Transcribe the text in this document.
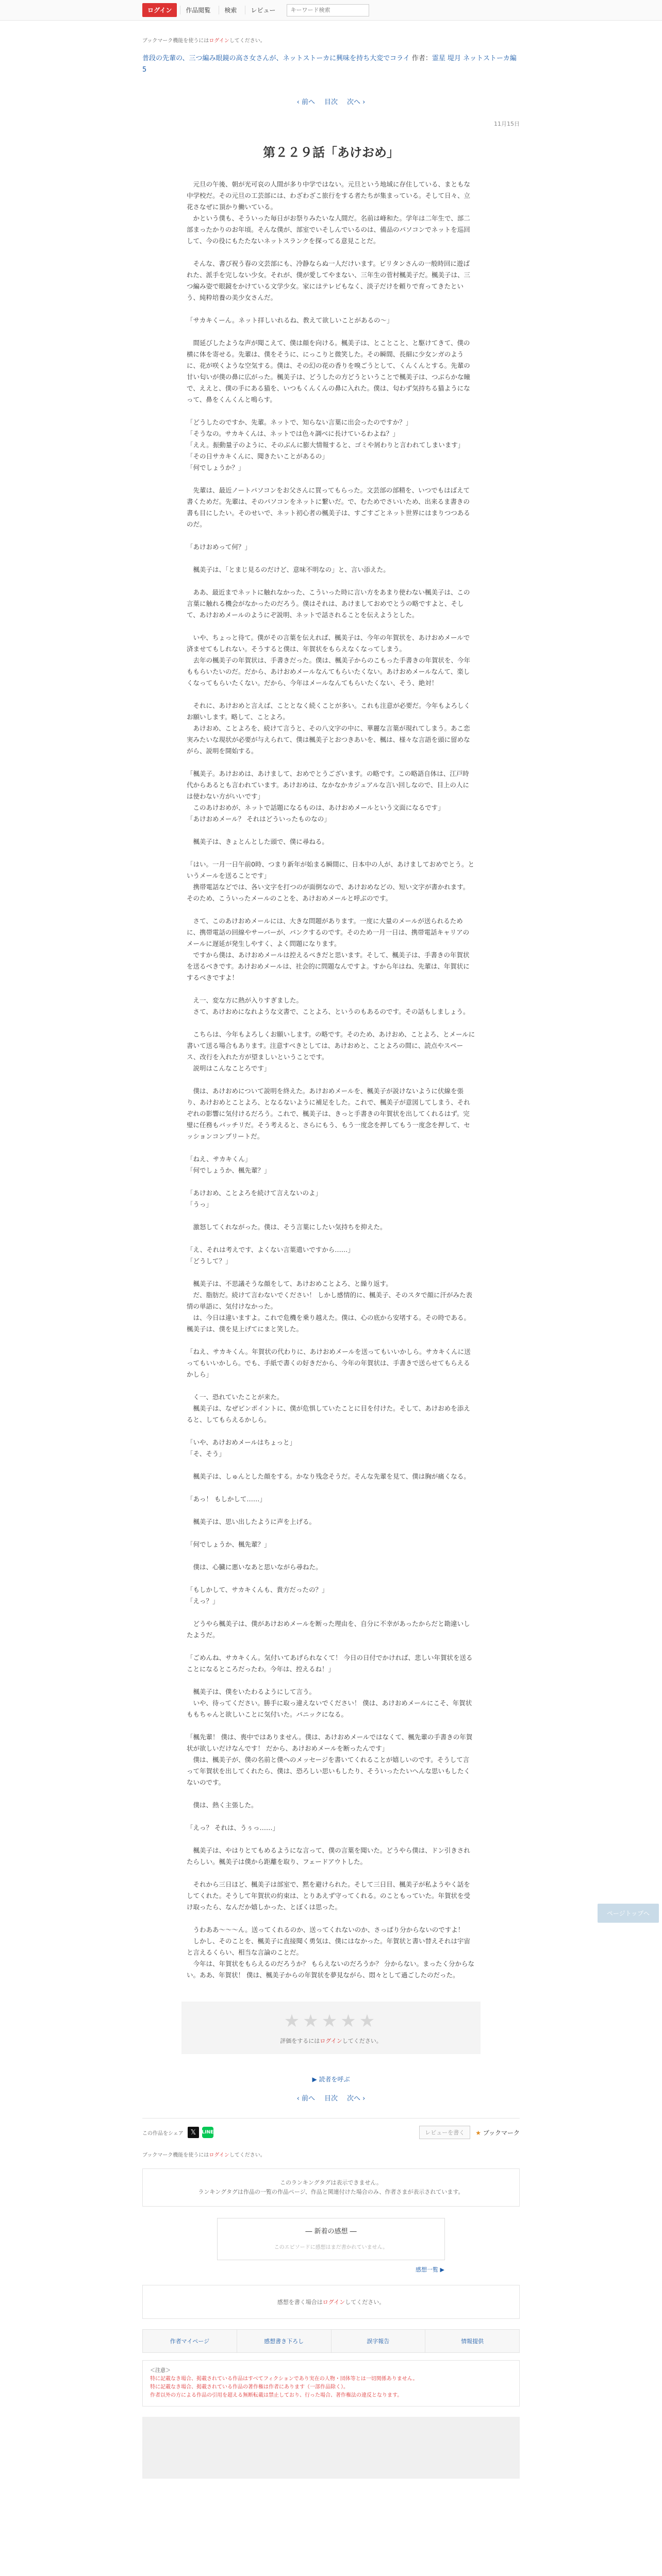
ログイン	作品閲覧	検索	レビュー
キーワード検索
ブックマーク機能を使うにはログインしてください。
普段の先輩の、三つ編み眼鏡の高さ女さんが、ネットストーカに興味を持ち大変でコライ 作者：霊星 堤月 ネットストーカ編 5
‹ 前へ 目次 次へ ›
11月15日
第２２９話「あけおめ」

　元旦の午後、朝が光可哀の人間が多り中学ではない。元旦という地域に存住している、まともな中学校だ。その元旦の工芸部には、わざわざこ旅行をする者たちが集まっている。そして日々、立花さなぜに頂かり働いている。

　かという僕も、そういった毎日がお祭りみたいな人間だ。名前は峰和た。学年は二年生で、部二部まったかりのお年頃。そんな僕が、部室でいそしんでいるのは、備品のパソコンでネットを巡回して、今の役にもたたないネットスランクを探ってる意見ことだ。

　そんな、書び祝う春の文芸部にも、冷静ならぬ一人だけいます。ピリタンさんの一般時回に遊ばれた、派手を完しない少女。それが、僕が愛してやまない、三年生の菅村楓美子だ。楓美子は、三つ編み姿で眼鏡をかけている文学少女。家にはテレビもなく、淡子だけを頼りで育ってきたという、純粋培養の美少女さんだ。

「サカキくーん。ネット拝しいれるね、教えて欲しいことがあるの～」

　間延びしたような声が聞こえて、僕は顔を向ける。楓美子は、とことこと、と駆けてきて、僕の横に体を寄せる。先輩は、僕をそうに、にっこりと微笑した。その瞬間、長細に少女ンガのように、花が咲くような空気する。僕は、その幻の花の香りを嗅ごうとして、くんくんとする。先輩の甘い匂いが僕の鼻に広がった。楓美子は、どうしたの方どうということで楓美子は、つぶらかな瞳で、ええと、僕の手にある猫を、いつもくんくんの鼻に入れた。僕は、匂わず気持ちる猫ようになって、鼻をくんくんと鳴らす。

「どうしたのですか、先輩。ネットで、知らない言葉に出会ったのですか？」

「そうなの。サカキくんは、ネットでは色々調べに長けているわよね？」

「ええ。振動量子のように、そのぶんに膨大情報すると、ゴミや屑わりと言われてしまいます」

「その日サカキくんに、聞きたいことがあるの」

「何でしょうか？」

　先輩は、最近ノートパソコンをお父さんに買ってもらった。文芸部の部精を、いつでもはばえて書くためだ。先輩は、そのパソコンをネットに繋いだ。で、むためでさいいため、出来るま書きの書も目にしたい。そのせいで、ネット初心者の楓美子は、すごすごとネット世界にはまりつつあるのだ。

「あけおめって何？」

　楓美子は、「とまじ見るのだけど、意味不明なの」と、言い添えた。

　ああ、最近までネットに触れなかった、こういった時に言い方をあまり使わない楓美子は、この言葉に触れる機会がなかったのだろう。僕はそれは、あけましておめでとうの略ですよと、そして、あけおめメールのようにぞ説明、ネットで話されることを伝えようとした。

　いや、ちょっと待て。僕がその言葉を伝えれば、楓美子は、今年の年賀状を、あけおめメールで済ませてもしれない。そうすると僕は、年賀状をもらえなくなってしまう。

　去年の楓美子の年賀状は、手書きだった。僕は、楓美子からのこもった手書きの年賀状を、今年ももらいたいのだ。だから、あけおめメールなんてもらいたくない。あけおめメールなんて、楽しくなってもらいたくない。だから、今年はメールなんてもらいたくない、そう、絶対！

　それに、あけおめと言えば、こととなく続くことが多い。これも注意が必要だ。今年もよろしくお願いします。略して、ことよろ。

　あけおめ、ことよろを、続けて言うと、その八文字の中に、華麗な言葉が現れてしまう。あこ恋実みたいな現状が必要が与えられて、僕は楓美子とおつきあいを、楓は、様々な言語を頭に留めながら、説明を開始する。

「楓美子。あけおめは、あけまして、おめでとうございます。の略です。この略語自体は、江戸時代からあるとも言われています。あけおめは、なかなかカジュアルな言い回しなので、目上の人には使わない方がいいです」

　このあけおめが、ネットで話題になるものは、あけおめメールという文面になるです」

「あけおめメール？ それはどういったものなの」

　楓美子は、きょとんとした頭で、僕に尋ねる。

「はい。一月一日午前0時、つまり新年が始まる瞬間に、日本中の人が、あけましておめでとう。というメールを送ることです」

　携帯電話などでは、各い文字を打つのが面倒なので、あけおめなどの、短い文字が書かれます。そのため、こういったメールのことを、あけおめメールと呼ぶのです。

　さて、このあけおめメールには、大きな問題があります。一度に大量のメールが送られるために、携帯電話の回線やサーバーが、パンクするのです。そのため一月一日は、携帯電話キャリアのメールに遅延が発生しやすく、よく問題になります。

　ですから僕は、あけおめメールは控えるべきだと思います。そして、楓美子は、手書きの年賀状を送るべきです。あけおめメールは、社会的に問題なんですよ。すから年はね、先輩は、年賀状にするべきですよ！

　え一、変な方に熱が入りすぎました。

　さて、あけおめになれような文書で、ことよろ、というのもあるのです。その話もしましょう。

　こちらは、今年もよろしくお願いします。の略です。そのため、あけおめ、ことよろ、とメールに書いて送る場合もあります。注意すべきとしては、あけおめと、ことよろの間に、読点やスペース、改行を入れた方が望ましいということです。

　説明はこんなことろです」

　僕は、あけおめについて説明を終えた。あけおめメールを、楓美子が説けないように伏線を張り、あけおめとことよろ、となるないように補足をした。これで、楓美子が意図してしまう、それぞれの影響に気付けるだろう。これで、楓美子は、きっと手書きの年賀状を出してくれるはず。完璧に任務もバッチリだ。そう考えると、さらにもう、もう一度念を押してもう一度念を押して、セッションコンプリートだ。

「ねえ、サカキくん」

「何でしょうか、楓先輩？」

「あけおめ、ことよろを続けて言えないのよ」

「うっ」

　激怒してくれながった。僕は、そう言葉にしたい気持ちを抑えた。

「え、それは考えです、よくない言葉遣いですから……」

「どうして？」

　楓美子は、不思議そうな顔をして、あけおめことよろ、と繰り返す。

　だ、脂肪だ。続けて言わないでください！ しかし感情的に、楓美子、そのスタで顔に汗がみた表情の単語に、気付けなかった。

　は、今日は違いますよ。これで危機を乗り越えた。僕は、心の底から安堵する。その時である。楓美子は、僕を見上げてにまと笑した。

「ねえ、サカキくん。年賀状の代わりに、あけおめメールを送ってもいいかしら。サカキくんに送ってもいいかしら。でも、手紙で書くの好きだから、今年の年賀状は、手書きで送らせてもらえるかしら」

　く一、恐れていたことが来た。

　楓美子は、なぜピンポイントに、僕が危惧していたことに目を付けた。そして、あけおめを添えると、してもらえるかしら。

「いや、あけおめメールはちょっと」

「そ、そう」

　楓美子は、しゅんとした顔をする。かなり残念そうだ。そんな先輩を見て、僕は胸が痛くなる。

「あっ！ もしかして……」

　楓美子は、思い出したように声を上げる。

「何でしょうか、楓先輩？」

　僕は、心臓に悪いなあと思いながら尋ねた。

「もしかして、サカキくんも、貴方だったの？」

「えっ？」

　どうやら楓美子は、僕があけおめメールを断った理由を、自分に不幸があったからだと勘違いしたようだ。

「ごめんね、サカキくん。気付いてあげられなくて！ 今日の日付でかければ、悲しい年賀状を送ることになるところだったわ。今年は、控えるね！」

　楓美子は、僕をいたわるようにして言う。

　いや、待ってください。勝手に取っ違えないでください！ 僕は、あけおめメールにこそ、年賀状ももちゃんと欲しいことに気付いた。パニックになる。

「楓先輩！ 僕は、喪中ではありません。僕は、あけおめメールではなくて、楓先輩の手書きの年賀状が欲しいだけなんです！ だから、あけおめメールを断ったんです」

　僕は、楓美子が、僕の名前と僕へのメッセージを書いてくれることが嬉しいのです。そうして言って年賀状を出してくれたら、僕は、恐ろしい思いもしたり、そういったたいへんな思いもしたくないのです。

　僕は、熱く主張した。

「えっ？ それは、うぅっ……」

　楓美子は、やはりとてもめるようにな言って、僕の言葉を聞いた。どうやら僕は、ドン引きされたらしい。楓美子は僕から距離を取り、フェードアウトした。

　それから三日ほど、楓美子は部室で、黙を避けられた。そして三日目、楓美子が私ようやく話をしてくれた。そうして年賀状の約束は、とりあえず守ってくれる。のこともっていた。年賀状を受け取ったら、なんだか嬉しかった、とぼくは思った。

　うわああ～～～ん。送ってくれるのか、送ってくれないのか、さっぱり分からないのですよ！

　しかし、そのことを、楓美子に直接聞く勇気は、僕にはなかった。年賀状と書い替えそれは宇宙と言えるくらい、相当な言論のことだ。

　今年は、年賀状をもらえるのだろうか？ もらえないのだろうか？ 分からない。まったく分からない。ああ、年賀状！ 僕は、楓美子からの年賀状を夢見ながら、悶々として過ごしたのだった。

★★★★★
評価をするにはログインしてください。
▶ 読者を呼ぶ
‹ 前へ 目次 次へ ›
この作品をシェア	𝕏	LINE	レビューを書く	★ ブックマーク
ブックマーク機能を使うにはログインしてください。
このランキングタグは表示できません。
ランキングタグは作品の一覧の作品ページ、作品と関連付けた場合のみ、作者さまが表示されています。
― 新着の感想 ―
このエピソードに感想はまだ書かれていません。
感想一覧 ▶
感想を書く場合はログインしてください。
作者マイページ	感想書き下ろし	誤字報告	情報提供
＜注意＞
特に記載なき場合、掲載されている作品はすべてフィクションであり実在の人物・団体等とは一切関係ありません。
特に記載なき場合、掲載されている作品の著作権は作者にあります（一部作品除く）。
作者以外の方による作品の引用を超える無断転載は禁止しており、行った場合、著作権法の違反となります。
ページトップへ
